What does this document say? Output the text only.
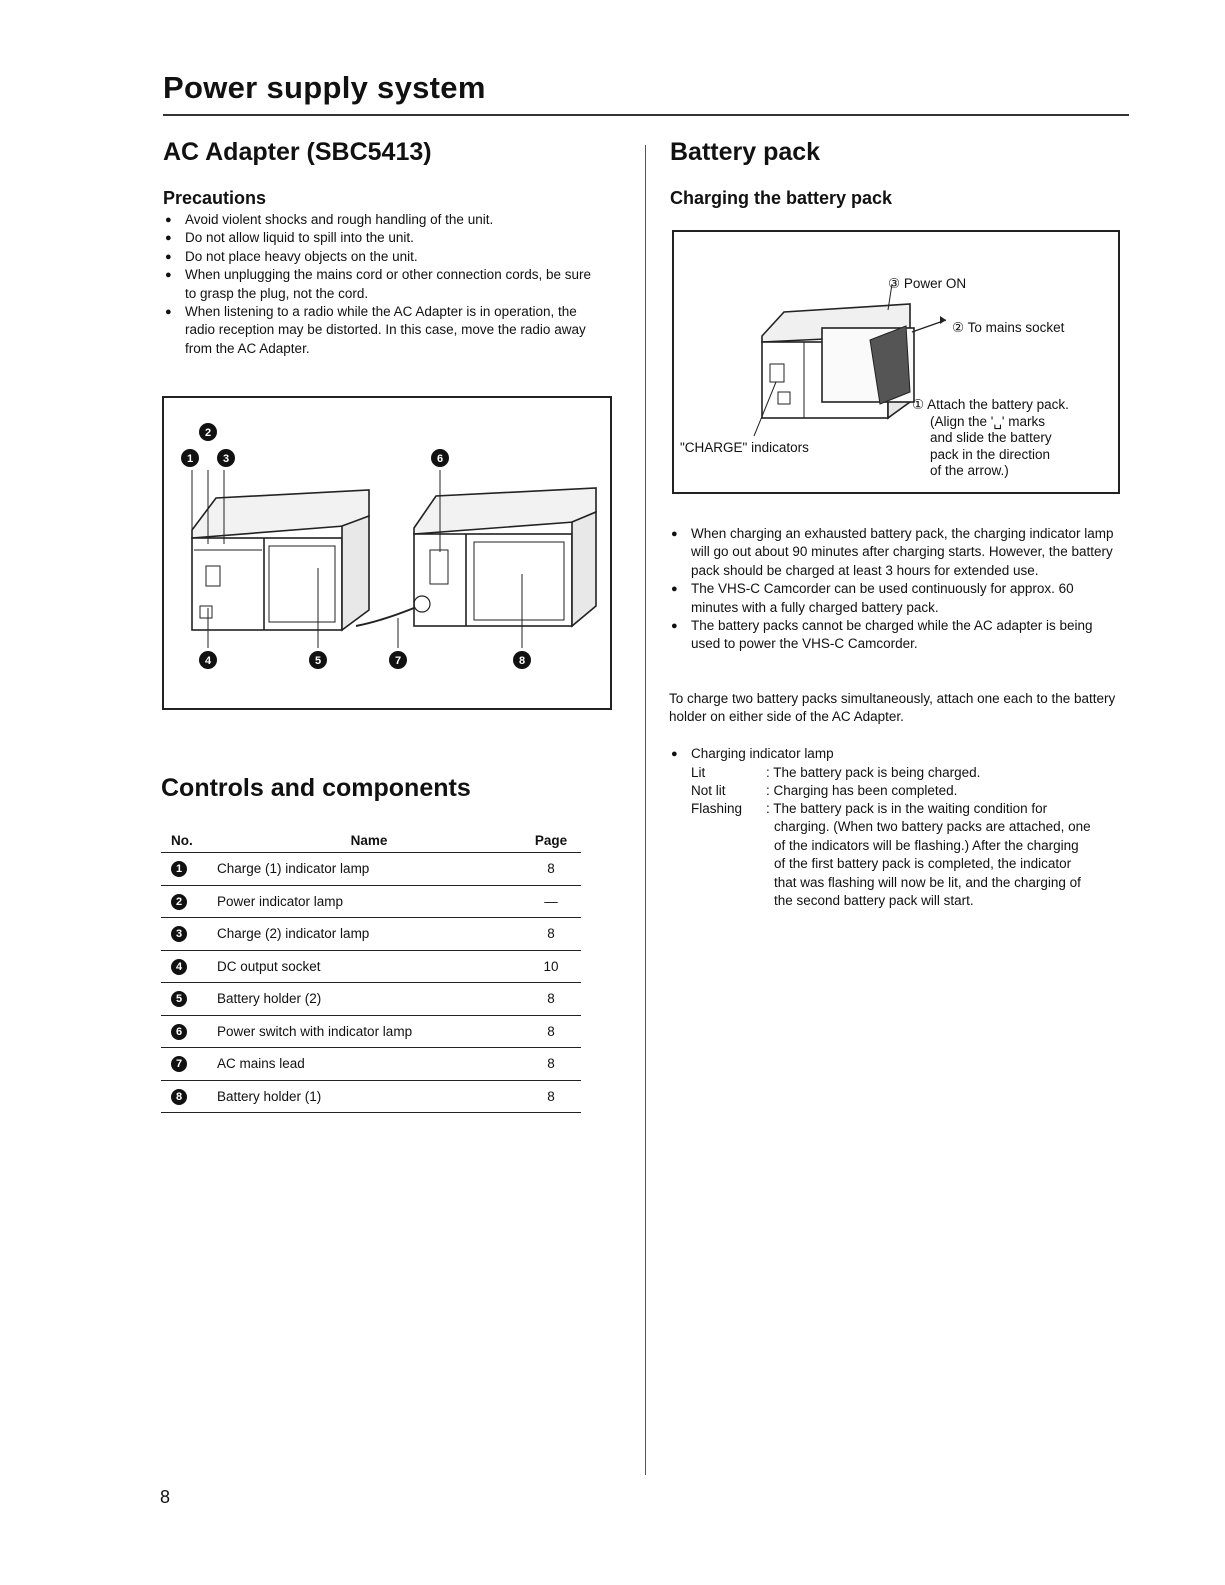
Power supply system
AC Adapter (SBC5413)
Precautions
● Avoid violent shocks and rough handling of the unit.
● Do not allow liquid to spill into the unit.
● Do not place heavy objects on the unit.
● When unplugging the mains cord or other connection cords, be sure to grasp the plug, not the cord.
● When listening to a radio while the AC Adapter is in operation, the radio reception may be distorted. In this case, move the radio away from the AC Adapter.
2
1	3	6
4	5	7	8
Controls and components
No.	Name	Page
1	Charge (1) indicator lamp	8
2	Power indicator lamp	—
3	Charge (2) indicator lamp	8
4	DC output socket	10
5	Battery holder (2)	8
6	Power switch with indicator lamp	8
7	AC mains lead	8
8	Battery holder (1)	8
8
Battery pack
Charging the battery pack
③ Power ON
② To mains socket
① Attach the battery pack.
(Align the '␣' marks
and slide the battery
pack in the direction
of the arrow.)
"CHARGE" indicators
● When charging an exhausted battery pack, the charging indicator lamp will go out about 90 minutes after charging starts. However, the battery pack should be charged at least 3 hours for extended use.
● The VHS-C Camcorder can be used continuously for approx. 60 minutes with a fully charged battery pack.
● The battery packs cannot be charged while the AC adapter is being used to power the VHS-C Camcorder.

To charge two battery packs simultaneously, attach one each to the battery holder on either side of the AC Adapter.

● Charging indicator lamp
Lit	: The battery pack is being charged.
Not lit	: Charging has been completed.
Flashing	: The battery pack is in the waiting condition for charging. (When two battery packs are attached, one of the indicators will be flashing.) After the charging of the first battery pack is completed, the indicator that was flashing will now be lit, and the charging of the second battery pack will start.
